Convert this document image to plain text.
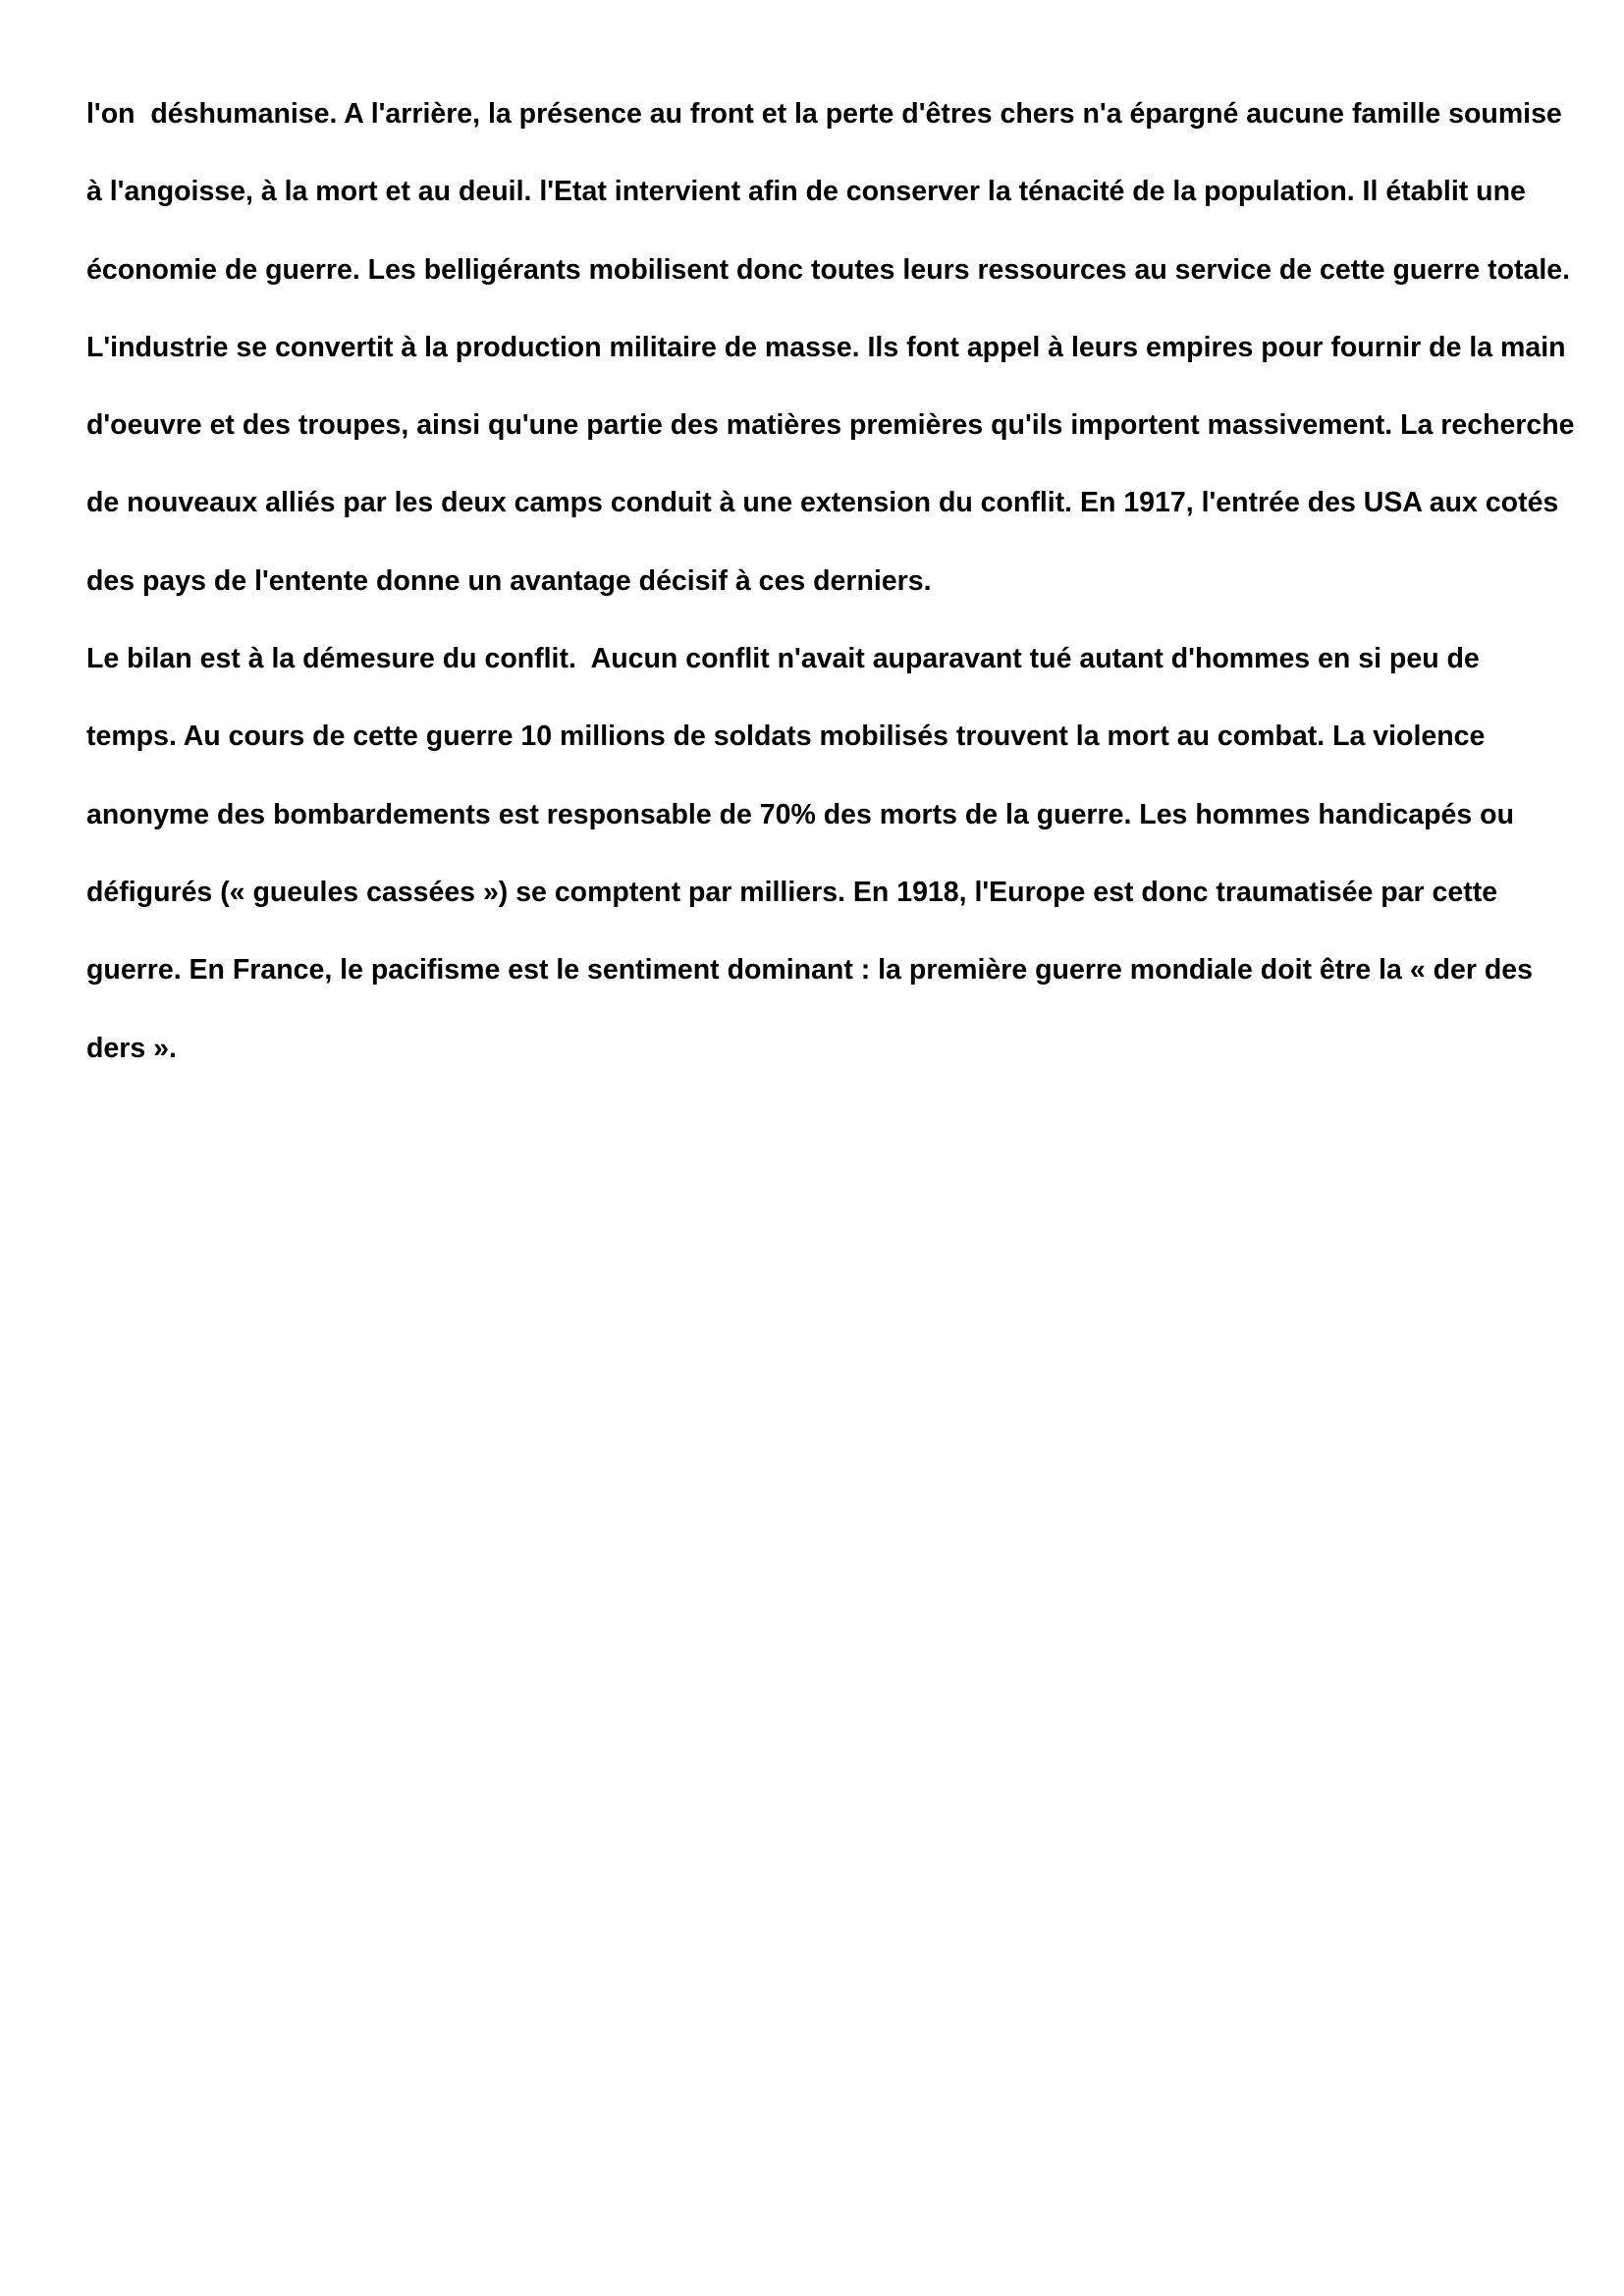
l'on  déshumanise. A l'arrière, la présence au front et la perte d'êtres chers n'a épargné aucune famille soumise
à l'angoisse, à la mort et au deuil. l'Etat intervient afin de conserver la ténacité de la population. Il établit une
économie de guerre. Les belligérants mobilisent donc toutes leurs ressources au service de cette guerre totale.
L'industrie se convertit à la production militaire de masse. Ils font appel à leurs empires pour fournir de la main
d'oeuvre et des troupes, ainsi qu'une partie des matières premières qu'ils importent massivement. La recherche
de nouveaux alliés par les deux camps conduit à une extension du conflit. En 1917, l'entrée des USA aux cotés
des pays de l'entente donne un avantage décisif à ces derniers.
Le bilan est à la démesure du conflit.  Aucun conflit n'avait auparavant tué autant d'hommes en si peu de
temps. Au cours de cette guerre 10 millions de soldats mobilisés trouvent la mort au combat. La violence
anonyme des bombardements est responsable de 70% des morts de la guerre. Les hommes handicapés ou
défigurés (« gueules cassées ») se comptent par milliers. En 1918, l'Europe est donc traumatisée par cette
guerre. En France, le pacifisme est le sentiment dominant : la première guerre mondiale doit être la « der des
ders ».
